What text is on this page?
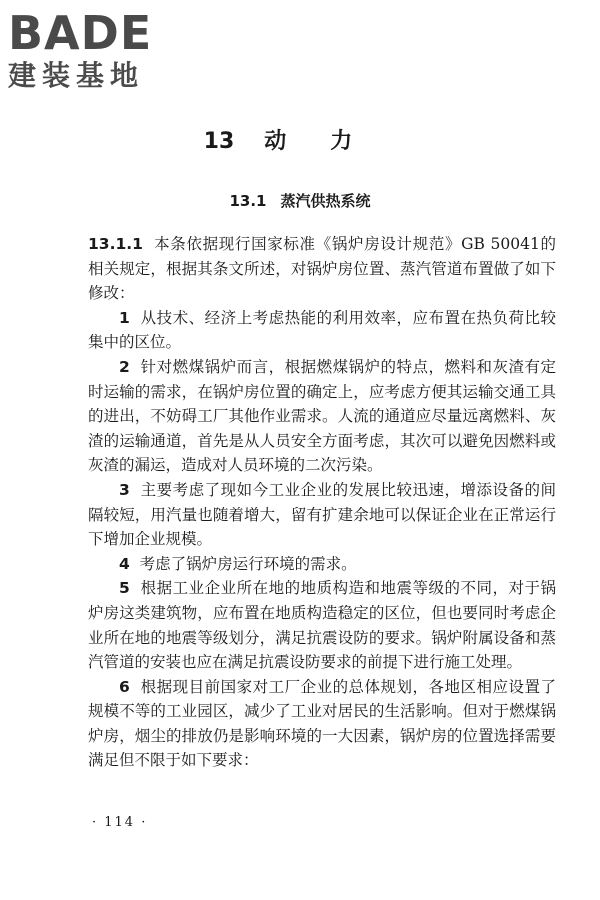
BADE
建装基地
13 动力
13.1 蒸汽供热系统

13.1.1 本条依据现行国家标准《锅炉房设计规范》GB 50041的相关规定，根据其条文所述，对锅炉房位置、蒸汽管道布置做了如下修改：

1 从技术、经济上考虑热能的利用效率，应布置在热负荷比较集中的区位。

2 针对燃煤锅炉而言，根据燃煤锅炉的特点，燃料和灰渣有定时运输的需求，在锅炉房位置的确定上，应考虑方便其运输交通工具的进出，不妨碍工厂其他作业需求。人流的通道应尽量远离燃料、灰渣的运输通道，首先是从人员安全方面考虑，其次可以避免因燃料或灰渣的漏运，造成对人员环境的二次污染。

3 主要考虑了现如今工业企业的发展比较迅速，增添设备的间隔较短，用汽量也随着增大，留有扩建余地可以保证企业在正常运行下增加企业规模。

4 考虑了锅炉房运行环境的需求。

5 根据工业企业所在地的地质构造和地震等级的不同，对于锅炉房这类建筑物，应布置在地质构造稳定的区位，但也要同时考虑企业所在地的地震等级划分，满足抗震设防的要求。锅炉附属设备和蒸汽管道的安装也应在满足抗震设防要求的前提下进行施工处理。

6 根据现目前国家对工厂企业的总体规划，各地区相应设置了规模不等的工业园区，减少了工业对居民的生活影响。但对于燃煤锅炉房，烟尘的排放仍是影响环境的一大因素，锅炉房的位置选择需要满足但不限于如下要求：

· 114 ·
